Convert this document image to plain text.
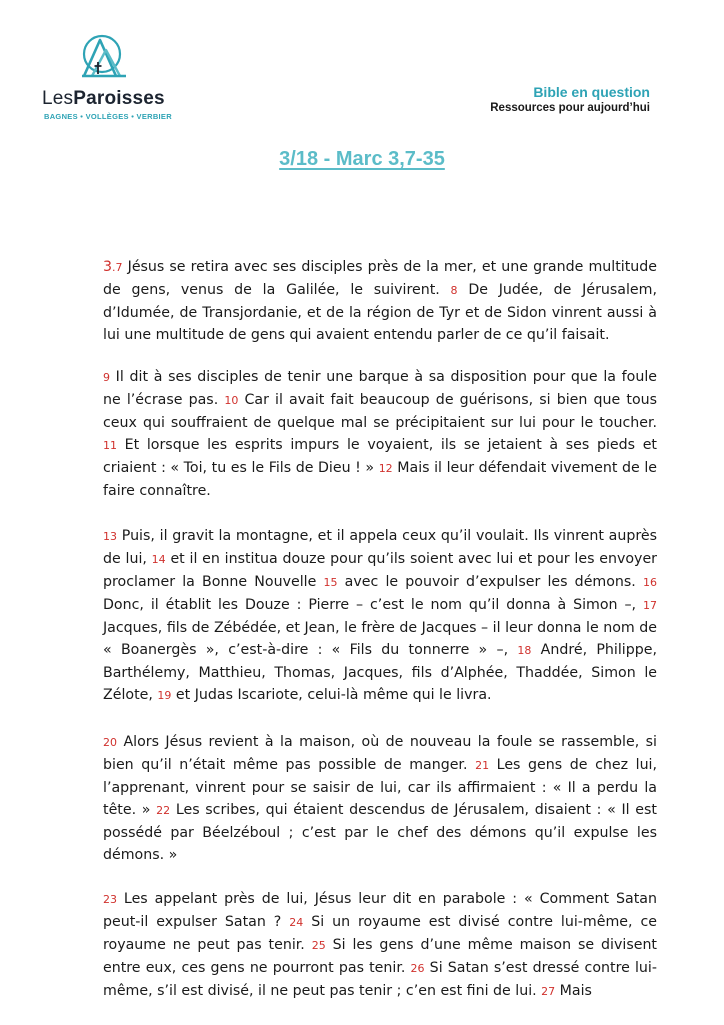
LesParoisses
BAGNES • VOLLÈGES • VERBIER
Bible en question
Ressources pour aujourd’hui
3/18 - Marc 3,7-35

3.7 Jésus se retira avec ses disciples près de la mer, et une grande multitude de gens, venus de la Galilée, le suivirent. 8 De Judée, de Jérusalem, d’Idumée, de Transjordanie, et de la région de Tyr et de Sidon vinrent aussi à lui une multitude de gens qui avaient entendu parler de ce qu’il faisait.

9 Il dit à ses disciples de tenir une barque à sa disposition pour que la foule ne l’écrase pas. 10 Car il avait fait beaucoup de guérisons, si bien que tous ceux qui souffraient de quelque mal se précipitaient sur lui pour le toucher. 11 Et lorsque les esprits impurs le voyaient, ils se jetaient à ses pieds et criaient : « Toi, tu es le Fils de Dieu ! » 12 Mais il leur défendait vivement de le faire connaître.

13 Puis, il gravit la montagne, et il appela ceux qu’il voulait. Ils vinrent auprès de lui, 14 et il en institua douze pour qu’ils soient avec lui et pour les envoyer proclamer la Bonne Nouvelle 15 avec le pouvoir d’expulser les démons. 16 Donc, il établit les Douze : Pierre – c’est le nom qu’il donna à Simon –, 17 Jacques, fils de Zébédée, et Jean, le frère de Jacques – il leur donna le nom de « Boanergès », c’est-à-dire : « Fils du tonnerre » –, 18 André, Philippe, Barthélemy, Matthieu, Thomas, Jacques, fils d’Alphée, Thaddée, Simon le Zélote, 19 et Judas Iscariote, celui-là même qui le livra.

20 Alors Jésus revient à la maison, où de nouveau la foule se rassemble, si bien qu’il n’était même pas possible de manger. 21 Les gens de chez lui, l’apprenant, vinrent pour se saisir de lui, car ils affirmaient : « Il a perdu la tête. » 22 Les scribes, qui étaient descendus de Jérusalem, disaient : « Il est possédé par Béelzéboul ; c’est par le chef des démons qu’il expulse les démons. »

23 Les appelant près de lui, Jésus leur dit en parabole : « Comment Satan peut-il expulser Satan ? 24 Si un royaume est divisé contre lui-même, ce royaume ne peut pas tenir. 25 Si les gens d’une même maison se divisent entre eux, ces gens ne pourront pas tenir. 26 Si Satan s’est dressé contre lui-même, s’il est divisé, il ne peut pas tenir ; c’en est fini de lui. 27 Mais
